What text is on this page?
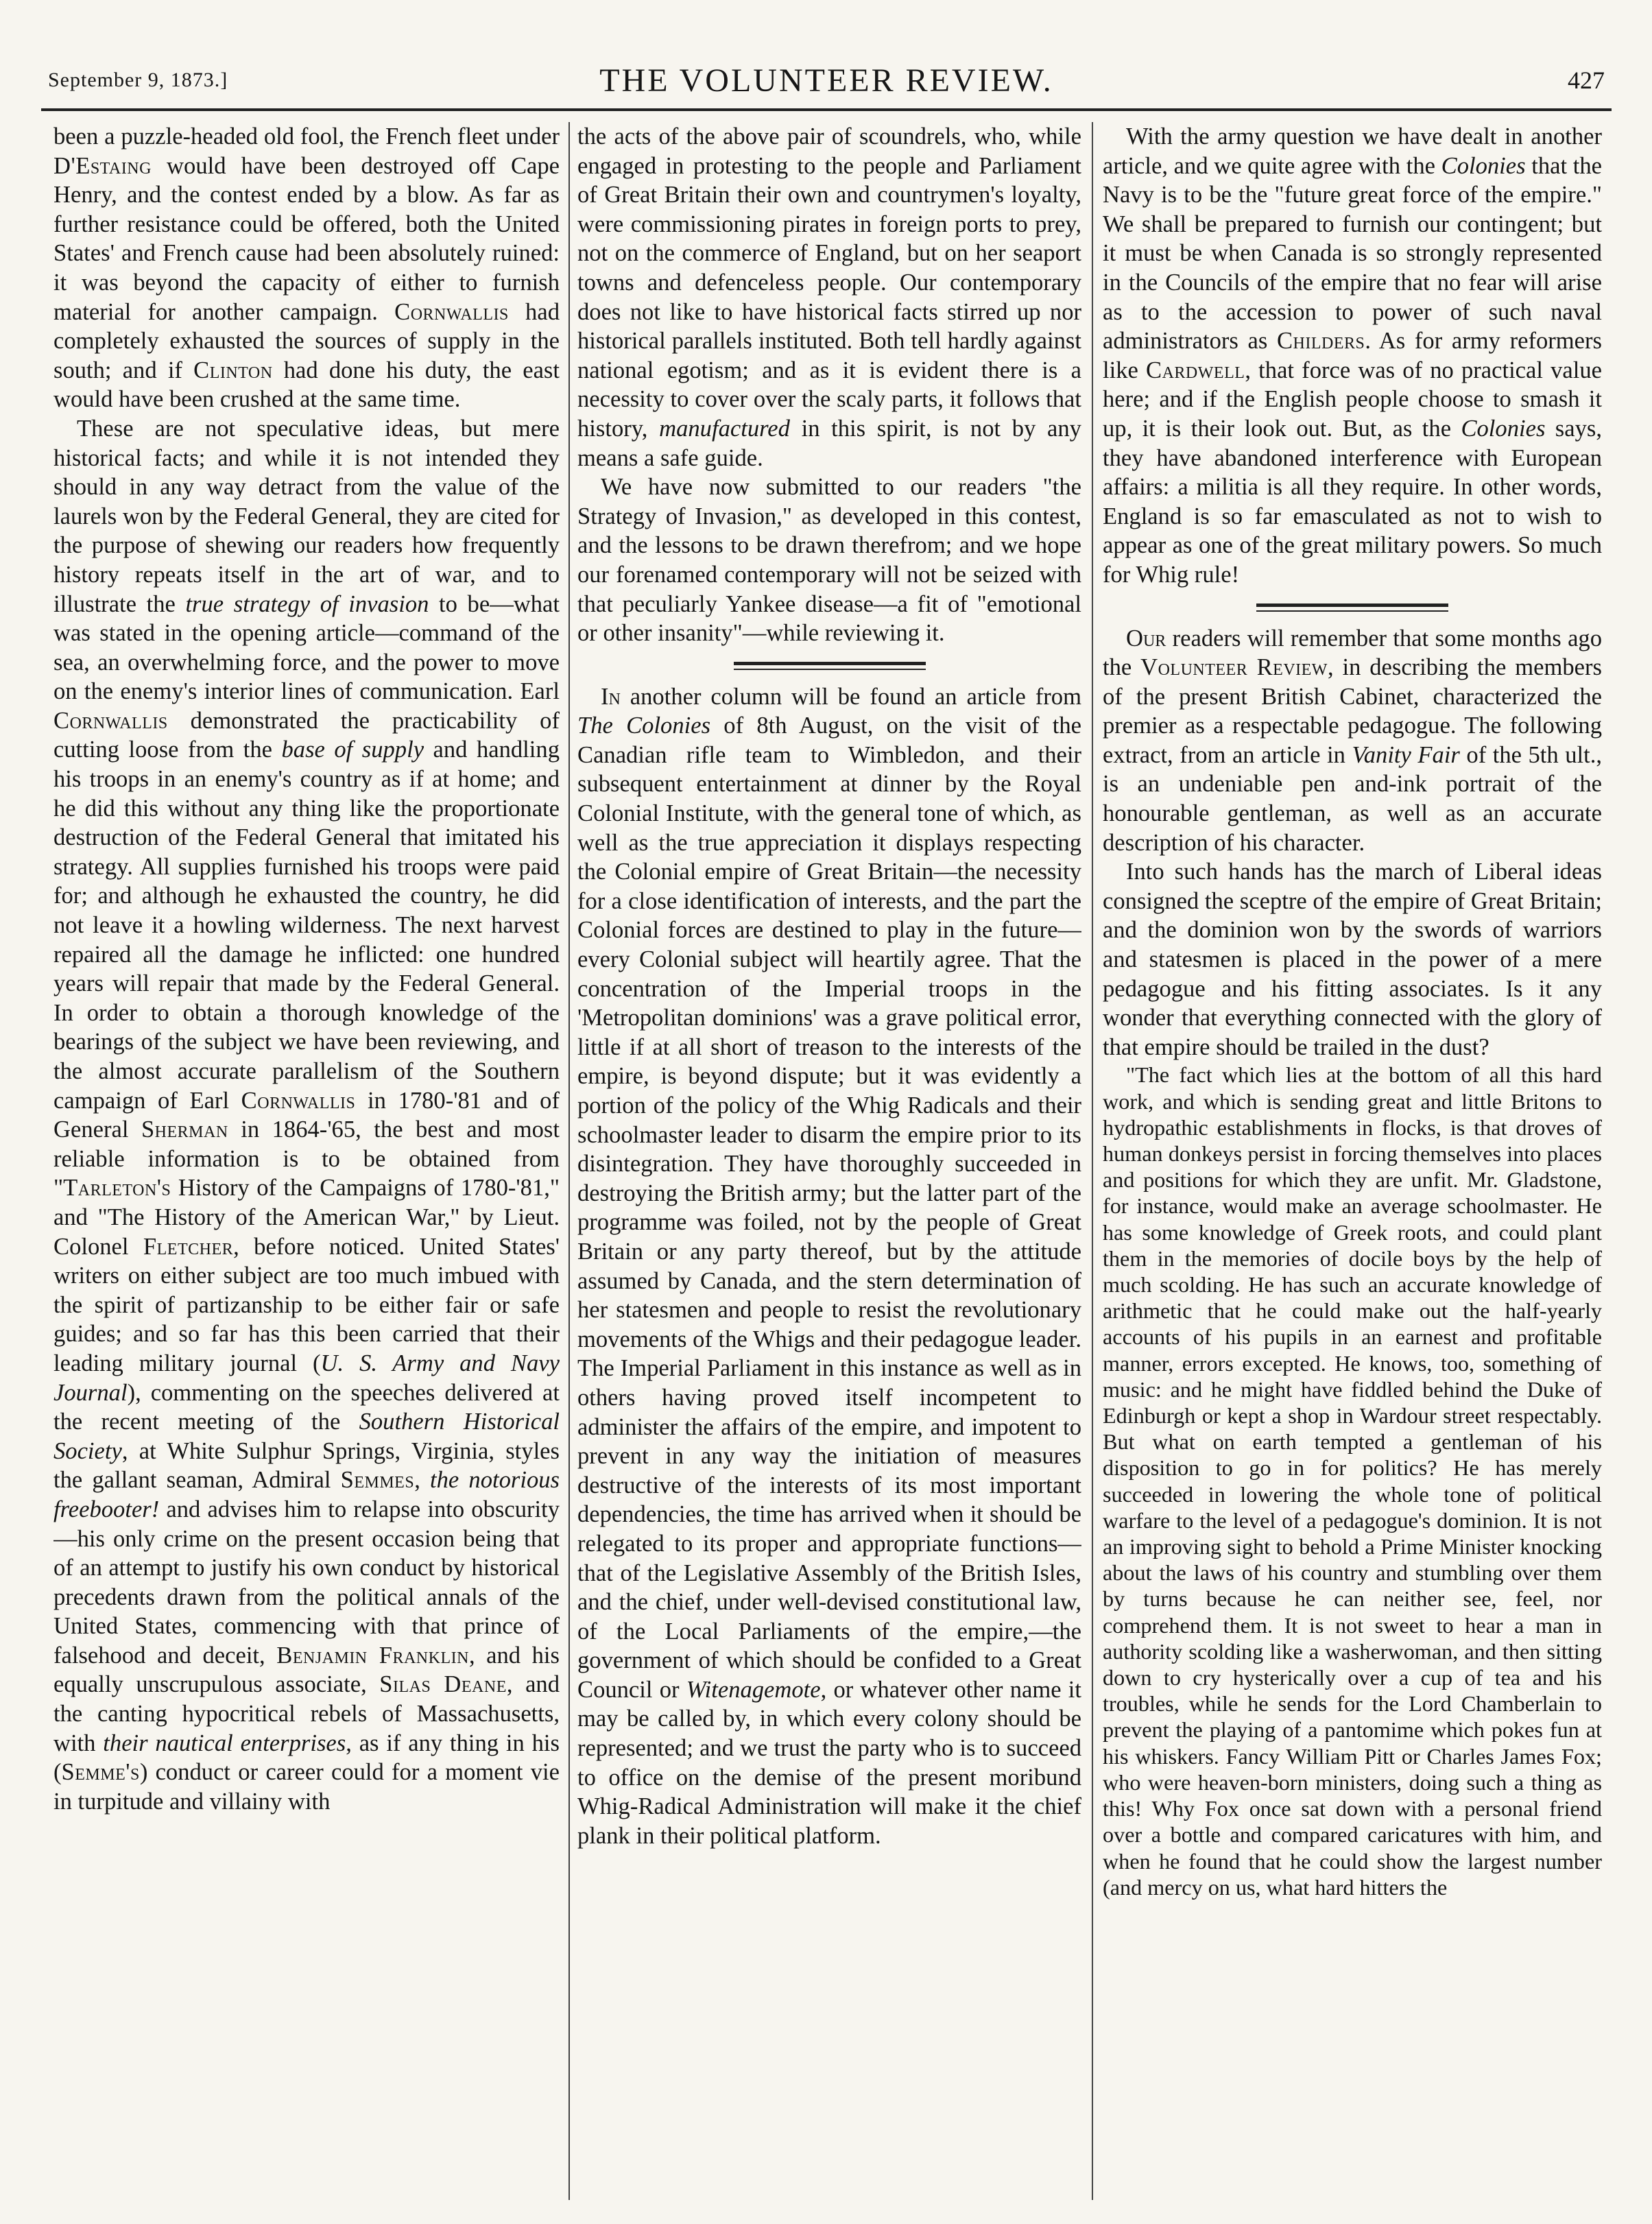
September 9, 1873.]	THE VOLUNTEER REVIEW.	427

been a puzzle-headed old fool, the French fleet under D'Estaing would have been destroyed off Cape Henry, and the contest ended by a blow. As far as further resistance could be offered, both the United States' and French cause had been absolutely ruined: it was beyond the capacity of either to furnish material for another campaign. Cornwallis had completely exhausted the sources of supply in the south; and if Clinton had done his duty, the east would have been crushed at the same time.

These are not speculative ideas, but mere historical facts; and while it is not intended they should in any way detract from the value of the laurels won by the Federal General, they are cited for the purpose of shewing our readers how frequently history repeats itself in the art of war, and to illustrate the true strategy of invasion to be—what was stated in the opening article—command of the sea, an overwhelming force, and the power to move on the enemy's interior lines of communication. Earl Cornwallis demonstrated the practicability of cutting loose from the base of supply and handling his troops in an enemy's country as if at home; and he did this without any thing like the proportionate destruction of the Federal General that imitated his strategy. All supplies furnished his troops were paid for; and although he exhausted the country, he did not leave it a howling wilderness. The next harvest repaired all the damage he inflicted: one hundred years will repair that made by the Federal General. In order to obtain a thorough knowledge of the bearings of the subject we have been reviewing, and the almost accurate parallelism of the Southern campaign of Earl Cornwallis in 1780-'81 and of General Sherman in 1864-'65, the best and most reliable information is to be obtained from "Tarleton's History of the Campaigns of 1780-'81," and "The History of the American War," by Lieut. Colonel Fletcher, before noticed. United States' writers on either subject are too much imbued with the spirit of partizanship to be either fair or safe guides; and so far has this been carried that their leading military journal (U. S. Army and Navy Journal), commenting on the speeches delivered at the recent meeting of the Southern Historical Society, at White Sulphur Springs, Virginia, styles the gallant seaman, Admiral Semmes, the notorious freebooter! and advises him to relapse into obscurity—his only crime on the present occasion being that of an attempt to justify his own conduct by historical precedents drawn from the political annals of the United States, commencing with that prince of falsehood and deceit, Benjamin Franklin, and his equally unscrupulous associate, Silas Deane, and the canting hypocritical rebels of Massachusetts, with their nautical enterprises, as if any thing in his (Semme's) conduct or career could for a moment vie in turpitude and villainy with

the acts of the above pair of scoundrels, who, while engaged in protesting to the people and Parliament of Great Britain their own and countrymen's loyalty, were commissioning pirates in foreign ports to prey, not on the commerce of England, but on her seaport towns and defenceless people. Our contemporary does not like to have historical facts stirred up nor historical parallels instituted. Both tell hardly against national egotism; and as it is evident there is a necessity to cover over the scaly parts, it follows that history, manufactured in this spirit, is not by any means a safe guide.

We have now submitted to our readers "the Strategy of Invasion," as developed in this contest, and the lessons to be drawn therefrom; and we hope our forenamed contemporary will not be seized with that peculiarly Yankee disease—a fit of "emotional or other insanity"—while reviewing it.

In another column will be found an article from The Colonies of 8th August, on the visit of the Canadian rifle team to Wimbledon, and their subsequent entertainment at dinner by the Royal Colonial Institute, with the general tone of which, as well as the true appreciation it displays respecting the Colonial empire of Great Britain—the necessity for a close identification of interests, and the part the Colonial forces are destined to play in the future—every Colonial subject will heartily agree. That the concentration of the Imperial troops in the 'Metropolitan dominions' was a grave political error, little if at all short of treason to the interests of the empire, is beyond dispute; but it was evidently a portion of the policy of the Whig Radicals and their schoolmaster leader to disarm the empire prior to its disintegration. They have thoroughly succeeded in destroying the British army; but the latter part of the programme was foiled, not by the people of Great Britain or any party thereof, but by the attitude assumed by Canada, and the stern determination of her statesmen and people to resist the revolutionary movements of the Whigs and their pedagogue leader. The Imperial Parliament in this instance as well as in others having proved itself incompetent to administer the affairs of the empire, and impotent to prevent in any way the initiation of measures destructive of the interests of its most important dependencies, the time has arrived when it should be relegated to its proper and appropriate functions—that of the Legislative Assembly of the British Isles, and the chief, under well-devised constitutional law, of the Local Parliaments of the empire,—the government of which should be confided to a Great Council or Witenagemote, or whatever other name it may be called by, in which every colony should be represented; and we trust the party who is to succeed to office on the demise of the present moribund Whig-Radical Administration will make it the chief plank in their political platform.

With the army question we have dealt in another article, and we quite agree with the Colonies that the Navy is to be the "future great force of the empire." We shall be prepared to furnish our contingent; but it must be when Canada is so strongly represented in the Councils of the empire that no fear will arise as to the accession to power of such naval administrators as Childers. As for army reformers like Cardwell, that force was of no practical value here; and if the English people choose to smash it up, it is their look out. But, as the Colonies says, they have abandoned interference with European affairs: a militia is all they require. In other words, England is so far emasculated as not to wish to appear as one of the great military powers. So much for Whig rule!

Our readers will remember that some months ago the Volunteer Review, in describing the members of the present British Cabinet, characterized the premier as a respectable pedagogue. The following extract, from an article in Vanity Fair of the 5th ult., is an undeniable pen and-ink portrait of the honourable gentleman, as well as an accurate description of his character.

Into such hands has the march of Liberal ideas consigned the sceptre of the empire of Great Britain; and the dominion won by the swords of warriors and statesmen is placed in the power of a mere pedagogue and his fitting associates. Is it any wonder that everything connected with the glory of that empire should be trailed in the dust?

"The fact which lies at the bottom of all this hard work, and which is sending great and little Britons to hydropathic establishments in flocks, is that droves of human donkeys persist in forcing themselves into places and positions for which they are unfit. Mr. Gladstone, for instance, would make an average schoolmaster. He has some knowledge of Greek roots, and could plant them in the memories of docile boys by the help of much scolding. He has such an accurate knowledge of arithmetic that he could make out the half-yearly accounts of his pupils in an earnest and profitable manner, errors excepted. He knows, too, something of music: and he might have fiddled behind the Duke of Edinburgh or kept a shop in Wardour street respectably. But what on earth tempted a gentleman of his disposition to go in for politics? He has merely succeeded in lowering the whole tone of political warfare to the level of a pedagogue's dominion. It is not an improving sight to behold a Prime Minister knocking about the laws of his country and stumbling over them by turns because he can neither see, feel, nor comprehend them. It is not sweet to hear a man in authority scolding like a washerwoman, and then sitting down to cry hysterically over a cup of tea and his troubles, while he sends for the Lord Chamberlain to prevent the playing of a pantomime which pokes fun at his whiskers. Fancy William Pitt or Charles James Fox; who were heaven-born ministers, doing such a thing as this! Why Fox once sat down with a personal friend over a bottle and compared caricatures with him, and when he found that he could show the largest number (and mercy on us, what hard hitters the
